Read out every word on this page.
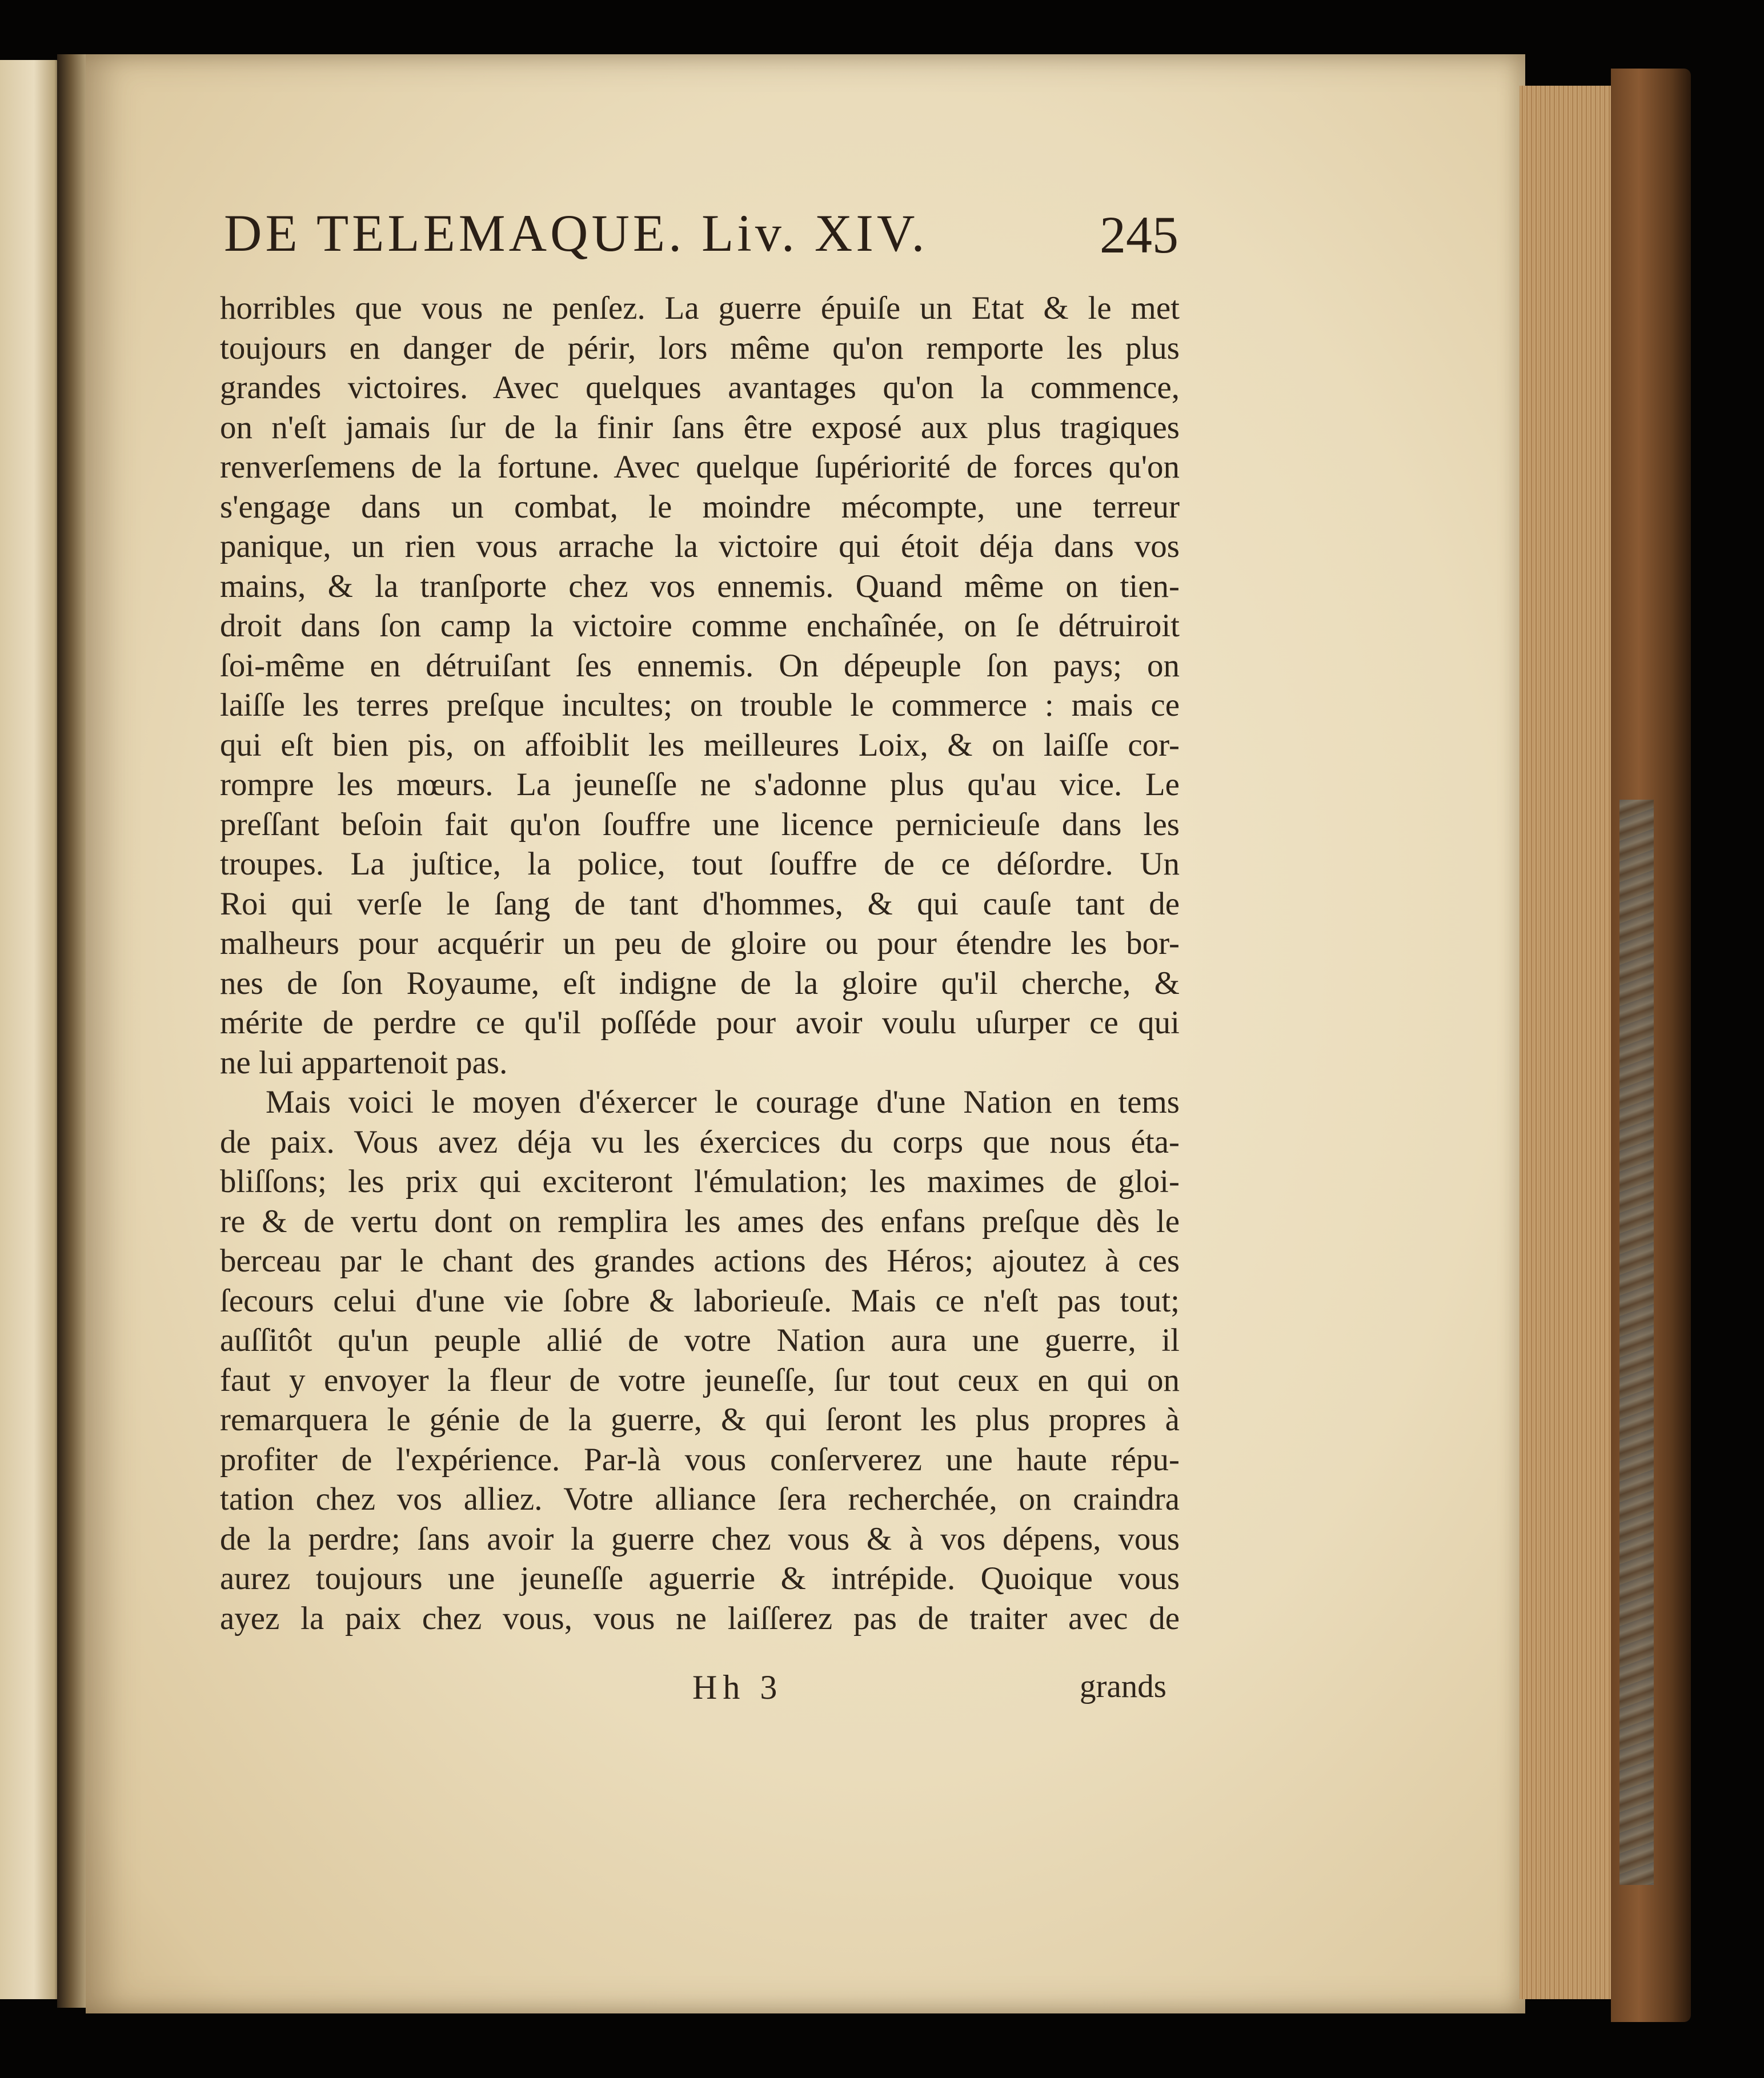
DE TELEMAQUE. Liv. XIV.	245
horribles que vous ne penſez. La guerre épuiſe un Etat & le met
toujours en danger de périr, lors même qu'on remporte les plus
grandes victoires. Avec quelques avantages qu'on la commence,
on n'eſt jamais ſur de la finir ſans être exposé aux plus tragiques
renverſemens de la fortune. Avec quelque ſupériorité de forces qu'on
s'engage dans un combat, le moindre mécompte, une terreur
panique, un rien vous arrache la victoire qui étoit déja dans vos
mains, & la tranſporte chez vos ennemis. Quand même on tien-
droit dans ſon camp la victoire comme enchaînée, on ſe détruiroit
ſoi-même en détruiſant ſes ennemis. On dépeuple ſon pays; on
laiſſe les terres preſque incultes; on trouble le commerce : mais ce
qui eſt bien pis, on affoiblit les meilleures Loix, & on laiſſe cor-
rompre les mœurs. La jeuneſſe ne s'adonne plus qu'au vice. Le
preſſant beſoin fait qu'on ſouffre une licence pernicieuſe dans les
troupes. La juſtice, la police, tout ſouffre de ce déſordre. Un
Roi qui verſe le ſang de tant d'hommes, & qui cauſe tant de
malheurs pour acquérir un peu de gloire ou pour étendre les bor-
nes de ſon Royaume, eſt indigne de la gloire qu'il cherche, &
mérite de perdre ce qu'il poſſéde pour avoir voulu uſurper ce qui
ne lui appartenoit pas.
Mais voici le moyen d'éxercer le courage d'une Nation en tems
de paix. Vous avez déja vu les éxercices du corps que nous éta-
bliſſons; les prix qui exciteront l'émulation; les maximes de gloi-
re & de vertu dont on remplira les ames des enfans preſque dès le
berceau par le chant des grandes actions des Héros; ajoutez à ces
ſecours celui d'une vie ſobre & laborieuſe. Mais ce n'eſt pas tout;
auſſitôt qu'un peuple allié de votre Nation aura une guerre, il
faut y envoyer la fleur de votre jeuneſſe, ſur tout ceux en qui on
remarquera le génie de la guerre, & qui ſeront les plus propres à
profiter de l'expérience. Par-là vous conſerverez une haute répu-
tation chez vos alliez. Votre alliance ſera recherchée, on craindra
de la perdre; ſans avoir la guerre chez vous & à vos dépens, vous
aurez toujours une jeuneſſe aguerrie & intrépide. Quoique vous
ayez la paix chez vous, vous ne laiſſerez pas de traiter avec de
Hh 3	grands
